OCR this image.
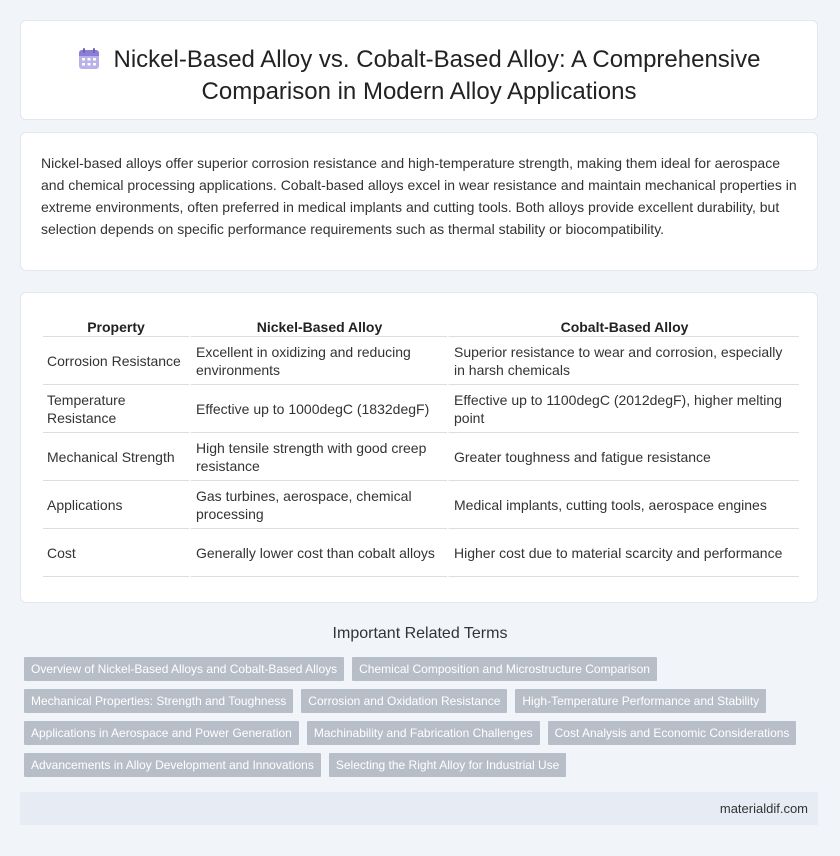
Nickel-Based Alloy vs. Cobalt-Based Alloy: A Comprehensive Comparison in Modern Alloy Applications

Nickel-based alloys offer superior corrosion resistance and high-temperature strength, making them ideal for aerospace and chemical processing applications. Cobalt-based alloys excel in wear resistance and maintain mechanical properties in extreme environments, often preferred in medical implants and cutting tools. Both alloys provide excellent durability, but selection depends on specific performance requirements such as thermal stability or biocompatibility.

Property	Nickel-Based Alloy	Cobalt-Based Alloy
Corrosion Resistance	Excellent in oxidizing and reducing environments	Superior resistance to wear and corrosion, especially in harsh chemicals
Temperature Resistance	Effective up to 1000degC (1832degF)	Effective up to 1100degC (2012degF), higher melting point
Mechanical Strength	High tensile strength with good creep resistance	Greater toughness and fatigue resistance
Applications	Gas turbines, aerospace, chemical processing	Medical implants, cutting tools, aerospace engines
Cost	Generally lower cost than cobalt alloys	Higher cost due to material scarcity and performance
Important Related Terms
Overview of Nickel-Based Alloys and Cobalt-Based Alloys	Chemical Composition and Microstructure Comparison
Mechanical Properties: Strength and Toughness	Corrosion and Oxidation Resistance	High-Temperature Performance and Stability
Applications in Aerospace and Power Generation	Machinability and Fabrication Challenges	Cost Analysis and Economic Considerations
Advancements in Alloy Development and Innovations	Selecting the Right Alloy for Industrial Use
materialdif.com
